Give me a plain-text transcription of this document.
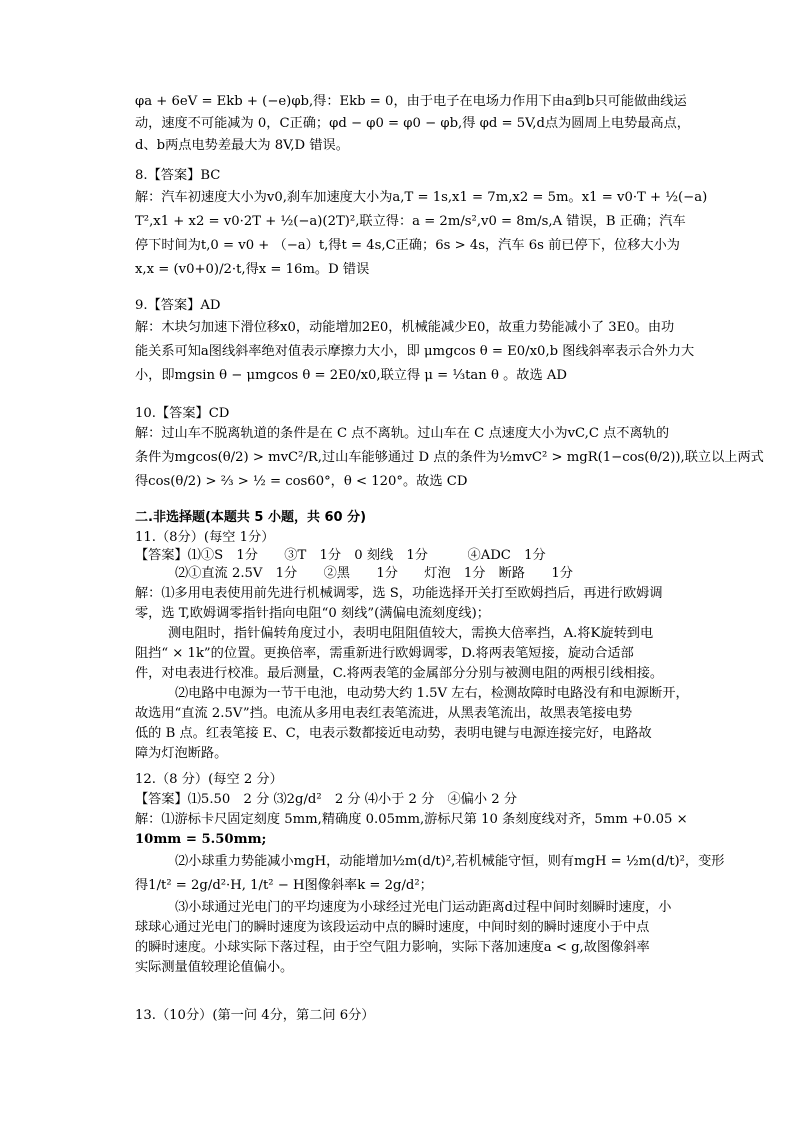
φa + 6eV = Ekb + (−e)φb,得：Ekb = 0，由于电子在电场力作用下由a到b只可能做曲线运
动，速度不可能减为 0，C正确；φd − φ0 = φ0 − φb,得 φd = 5V,d点为圆周上电势最高点，
d、b两点电势差最大为 8V,D 错误。
8.【答案】BC
解：汽车初速度大小为v0,刹车加速度大小为a,T = 1s,x1 = 7m,x2 = 5m。x1 = v0·T + ½(−a)
T²,x1 + x2 = v0·2T + ½(−a)(2T)²,联立得：a = 2m/s²,v0 = 8m/s,A 错误，B 正确；汽车
停下时间为t,0 = v0 + （−a）t,得t = 4s,C正确；6s > 4s，汽车 6s 前已停下，位移大小为
x,x = (v0+0)/2·t,得x = 16m。D 错误
9.【答案】AD
解：木块匀加速下滑位移x0，动能增加2E0，机械能减少E0，故重力势能减小了 3E0。由功
能关系可知a图线斜率绝对值表示摩擦力大小，即 μmgcos θ = E0/x0,b 图线斜率表示合外力大
小，即mgsin θ − μmgcos θ = 2E0/x0,联立得 μ = ⅓tan θ 。故选 AD
10.【答案】CD
解：过山车不脱离轨道的条件是在 C 点不离轨。过山车在 C 点速度大小为vC,C 点不离轨的
条件为mgcos(θ/2) > mvC²/R,过山车能够通过 D 点的条件为½mvC² > mgR(1−cos(θ/2)),联立以上两式
得cos(θ/2) > ⅔ > ½ = cos60°，θ < 120°。故选 CD
二.非选择题(本题共 5 小题，共 60 分)
11.（8分）(每空 1分）
【答案】⑴①S　1分　　③T　1分　0 刻线　1分　　　④ADC　1分
⑵①直流 2.5V　1分　　②黑　　1分　　灯泡　1分　断路　　1分
解：⑴多用电表使用前先进行机械调零，选 S，功能选择开关打至欧姆挡后，再进行欧姆调
零，选 T,欧姆调零指针指向电阻“0 刻线”(满偏电流刻度线)；
测电阻时，指针偏转角度过小，表明电阻阻值较大，需换大倍率挡，A.将K旋转到电
阻挡“ × 1k”的位置。更换倍率，需重新进行欧姆调零，D.将两表笔短接，旋动合适部
件，对电表进行校准。最后测量，C.将两表笔的金属部分分别与被测电阻的两根引线相接。
⑵电路中电源为一节干电池，电动势大约 1.5V 左右，检测故障时电路没有和电源断开，
故选用“直流 2.5V”挡。电流从多用电表红表笔流进，从黑表笔流出，故黑表笔接电势
低的 B 点。红表笔接 E、C，电表示数都接近电动势，表明电键与电源连接完好，电路故
障为灯泡断路。
12.（8 分）(每空 2 分）
【答案】⑴5.50　2 分 ⑶2g/d²　2 分 ⑷小于 2 分　④偏小 2 分
解：⑴游标卡尺固定刻度 5mm,精确度 0.05mm,游标尺第 10 条刻度线对齐，5mm +0.05 ×
10mm = 5.50mm;
⑵小球重力势能减小mgH，动能增加½m(d/t)²,若机械能守恒，则有mgH = ½m(d/t)²，变形
得1/t² = 2g/d²·H, 1/t² − H图像斜率k = 2g/d²；
⑶小球通过光电门的平均速度为小球经过光电门运动距离d过程中间时刻瞬时速度，小
球球心通过光电门的瞬时速度为该段运动中点的瞬时速度，中间时刻的瞬时速度小于中点
的瞬时速度。小球实际下落过程，由于空气阻力影响，实际下落加速度a < g,故图像斜率
实际测量值较理论值偏小。
13.（10分）(第一问 4分，第二问 6分）
